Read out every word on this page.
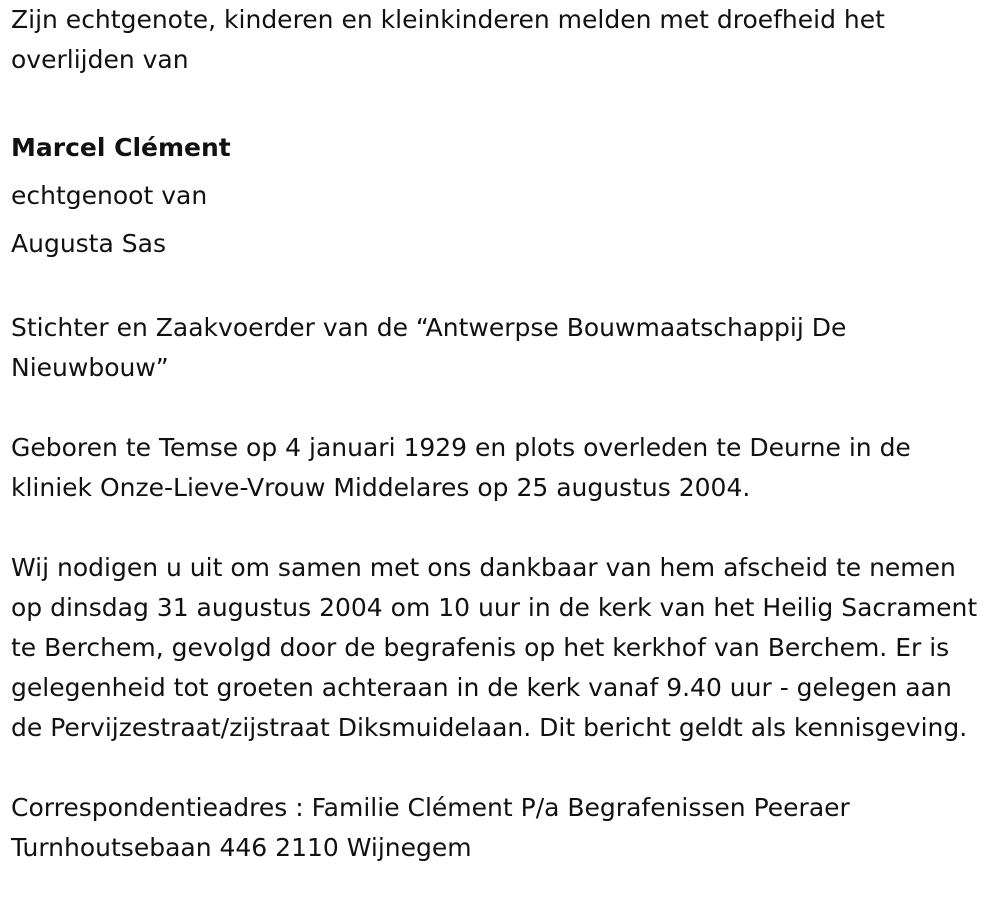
Zijn echtgenote, kinderen en kleinkinderen melden met droefheid het overlijden van

Marcel Clément

echtgenoot van

Augusta Sas

Stichter en Zaakvoerder van de “Antwerpse Bouwmaatschappij De Nieuwbouw”

Geboren te Temse op 4 januari 1929 en plots overleden te Deurne in de kliniek Onze-Lieve-Vrouw Middelares op 25 augustus 2004.

Wij nodigen u uit om samen met ons dankbaar van hem afscheid te nemen op dinsdag 31 augustus 2004 om 10 uur in de kerk van het Heilig Sacrament te Berchem, gevolgd door de begrafenis op het kerkhof van Berchem. Er is gelegenheid tot groeten achteraan in de kerk vanaf 9.40 uur - gelegen aan de Pervijzestraat/zijstraat Diksmuidelaan. Dit bericht geldt als kennisgeving.

Correspondentieadres : Familie Clément P/a Begrafenissen Peeraer

Turnhoutsebaan 446 2110 Wijnegem
